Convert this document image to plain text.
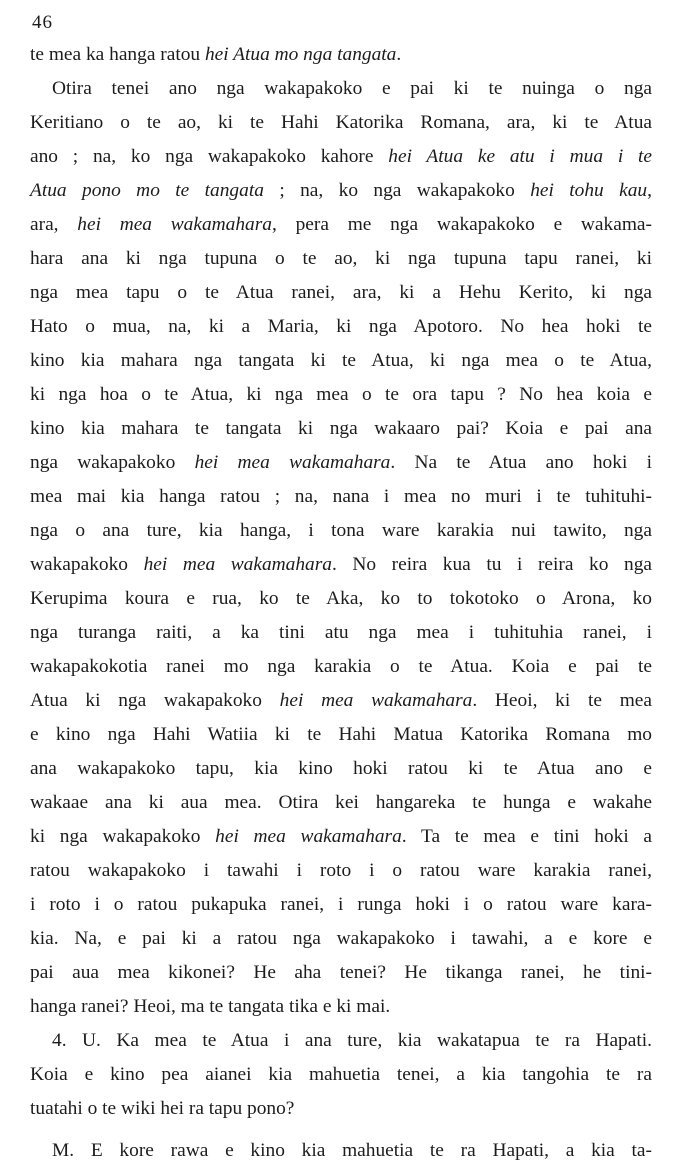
46
te mea ka hanga ratou hei Atua mo nga tangata.
Otira tenei ano nga wakapakoko e pai ki te nuinga o nga
Keritiano o te ao, ki te Hahi Katorika Romana, ara, ki te Atua
ano ; na, ko nga wakapakoko kahore hei Atua ke atu i mua i te
Atua pono mo te tangata ; na, ko nga wakapakoko hei tohu kau,
ara, hei mea wakamahara, pera me nga wakapakoko e wakama-
hara ana ki nga tupuna o te ao, ki nga tupuna tapu ranei, ki
nga mea tapu o te Atua ranei, ara, ki a Hehu Kerito, ki nga
Hato o mua, na, ki a Maria, ki nga Apotoro. No hea hoki te
kino kia mahara nga tangata ki te Atua, ki nga mea o te Atua,
ki nga hoa o te Atua, ki nga mea o te ora tapu ? No hea koia e
kino kia mahara te tangata ki nga wakaaro pai? Koia e pai ana
nga wakapakoko hei mea wakamahara. Na te Atua ano hoki i
mea mai kia hanga ratou ; na, nana i mea no muri i te tuhituhi-
nga o ana ture, kia hanga, i tona ware karakia nui tawito, nga
wakapakoko hei mea wakamahara. No reira kua tu i reira ko nga
Kerupima koura e rua, ko te Aka, ko to tokotoko o Arona, ko
nga turanga raiti, a ka tini atu nga mea i tuhituhia ranei, i
wakapakokotia ranei mo nga karakia o te Atua. Koia e pai te
Atua ki nga wakapakoko hei mea wakamahara. Heoi, ki te mea
e kino nga Hahi Watiia ki te Hahi Matua Katorika Romana mo
ana wakapakoko tapu, kia kino hoki ratou ki te Atua ano e
wakaae ana ki aua mea. Otira kei hangareka te hunga e wakahe
ki nga wakapakoko hei mea wakamahara. Ta te mea e tini hoki a
ratou wakapakoko i tawahi i roto i o ratou ware karakia ranei,
i roto i o ratou pukapuka ranei, i runga hoki i o ratou ware kara-
kia. Na, e pai ki a ratou nga wakapakoko i tawahi, a e kore e
pai aua mea kikonei? He aha tenei? He tikanga ranei, he tini-
hanga ranei? Heoi, ma te tangata tika e ki mai.
4. U. Ka mea te Atua i ana ture, kia wakatapua te ra Hapati.
Koia e kino pea aianei kia mahuetia tenei, a kia tangohia te ra
tuatahi o te wiki hei ra tapu pono?
M. E kore rawa e kino kia mahuetia te ra Hapati, a kia ta-
